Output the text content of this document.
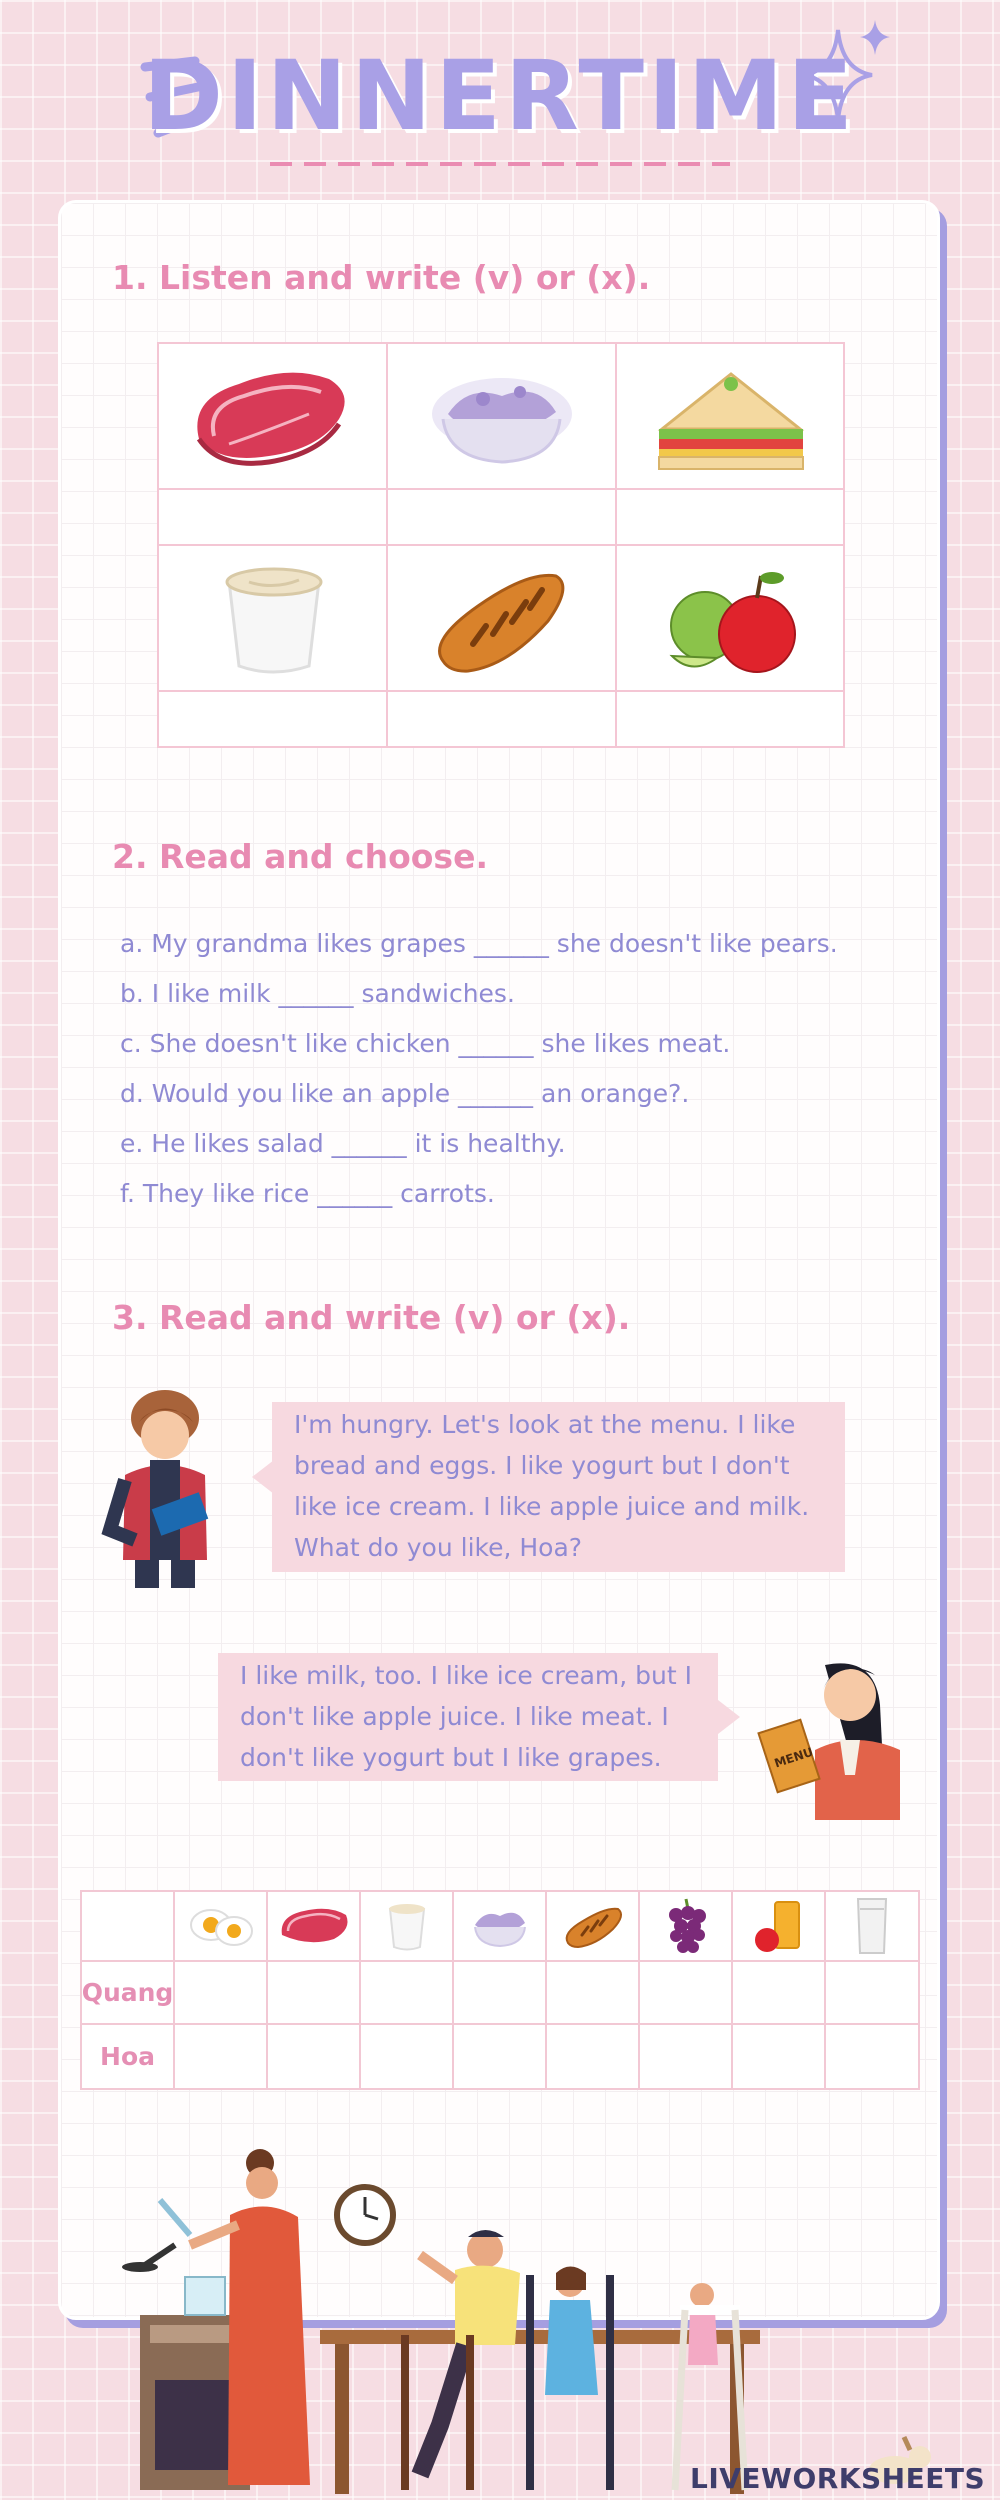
DINNERTIME
1. Listen and write (v) or (x).
2. Read and choose.
a. My grandma likes grapes ______ she doesn't like pears.
b. I like milk ______ sandwiches.
c. She doesn't like chicken ______ she likes meat.
d. Would you like an apple ______ an orange?.
e. He likes salad ______ it is healthy.
f. They like rice ______ carrots.
3. Read and write (v) or (x).
I'm hungry. Let's look at the menu. I like
bread and eggs. I like yogurt but I don't
like ice cream. I like apple juice and milk.
What do you like, Hoa?
I like milk, too. I like ice cream, but I
don't like apple juice. I like meat. I
don't like yogurt but I like grapes.	MENU
Quang
Hoa
LIVEWORKSHEETS
